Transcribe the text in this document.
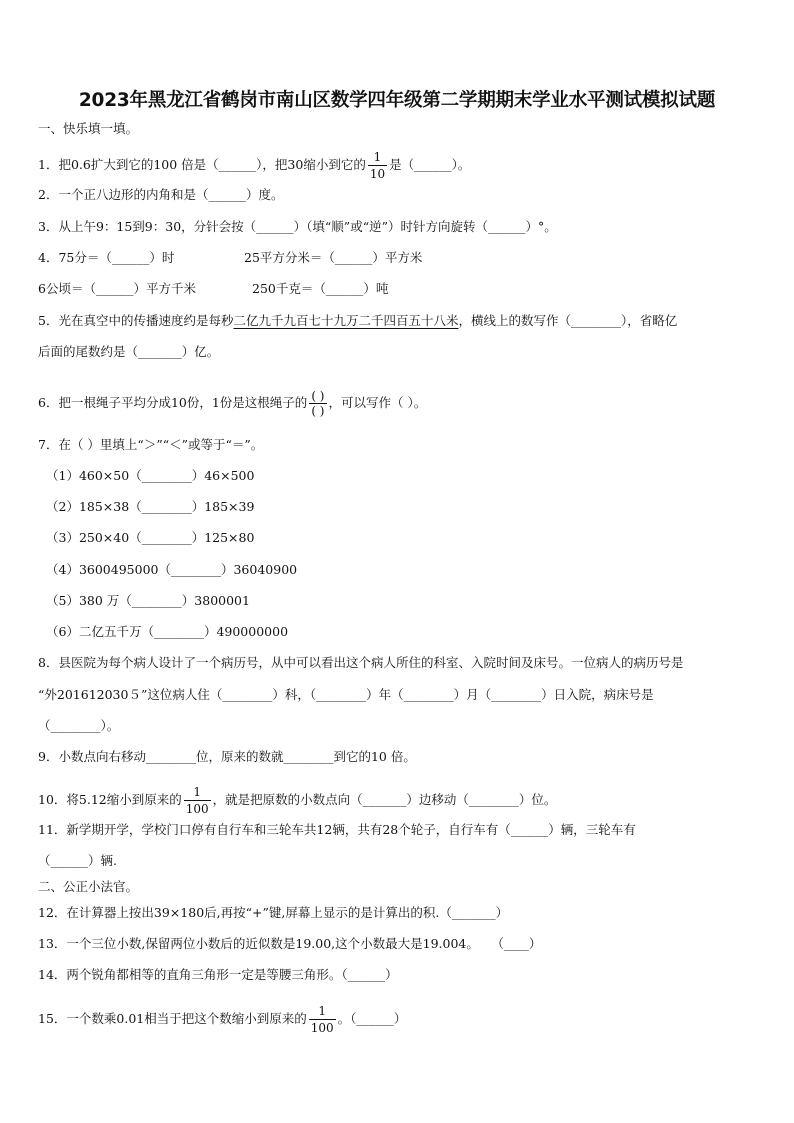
2023年黑龙江省鹤岗市南山区数学四年级第二学期期末学业水平测试模拟试题
一、快乐填一填。
1．把0.6扩大到它的100 倍是（______），把30缩小到它的 $\frac{1}{10}$ 是（______）。
2．一个正八边形的内角和是（______）度。
3．从上午9：15到9：30，分针会按（______）（填“顺”或“逆”）时针方向旋转（______）°。
4．75分＝（______）时	25平方分米＝（______）平方米
6公顷＝（______）平方千米	250千克＝（______）吨
5．光在真空中的传播速度约是每秒二亿九千九百七十九万二千四百五十八米，横线上的数写作（________），省略亿
后面的尾数约是（_______）亿。
6．把一根绳子平均分成10份，1份是这根绳子的 $\frac{( )}{( )}$ ，可以写作（ ）。
7．在（ ）里填上“＞”“＜”或等于“＝”。
（1）460×50（________）46×500
（2）185×38（________）185×39
（3）250×40（________）125×80
（4）3600495000（________）36040900
（5）380 万（________）3800001
（6）二亿五千万（________）490000000
8．县医院为每个病人设计了一个病历号，从中可以看出这个病人所住的科室、入院时间及床号。一位病人的病历号是
“外201612030５”这位病人住（________）科，（________）年（________）月（________）日入院，病床号是
（________）。
9．小数点向右移动________位，原来的数就________到它的10 倍。
10．将5.12缩小到原来的 $\frac{1}{100}$ ，就是把原数的小数点向（_______）边移动（________）位。
11．新学期开学，学校门口停有自行车和三轮车共12辆，共有28个轮子，自行车有（______）辆，三轮车有
（______）辆.
二、公正小法官。
12．在计算器上按出39×180后,再按“+”键,屏幕上显示的是计算出的积.（_______）
13．一个三位小数,保留两位小数后的近似数是19.00,这个小数最大是19.004。　　（____）
14．两个锐角都相等的直角三角形一定是等腰三角形。（______）
15．一个数乘0.01相当于把这个数缩小到原来的 $\frac{1}{100}$ 。（______）
